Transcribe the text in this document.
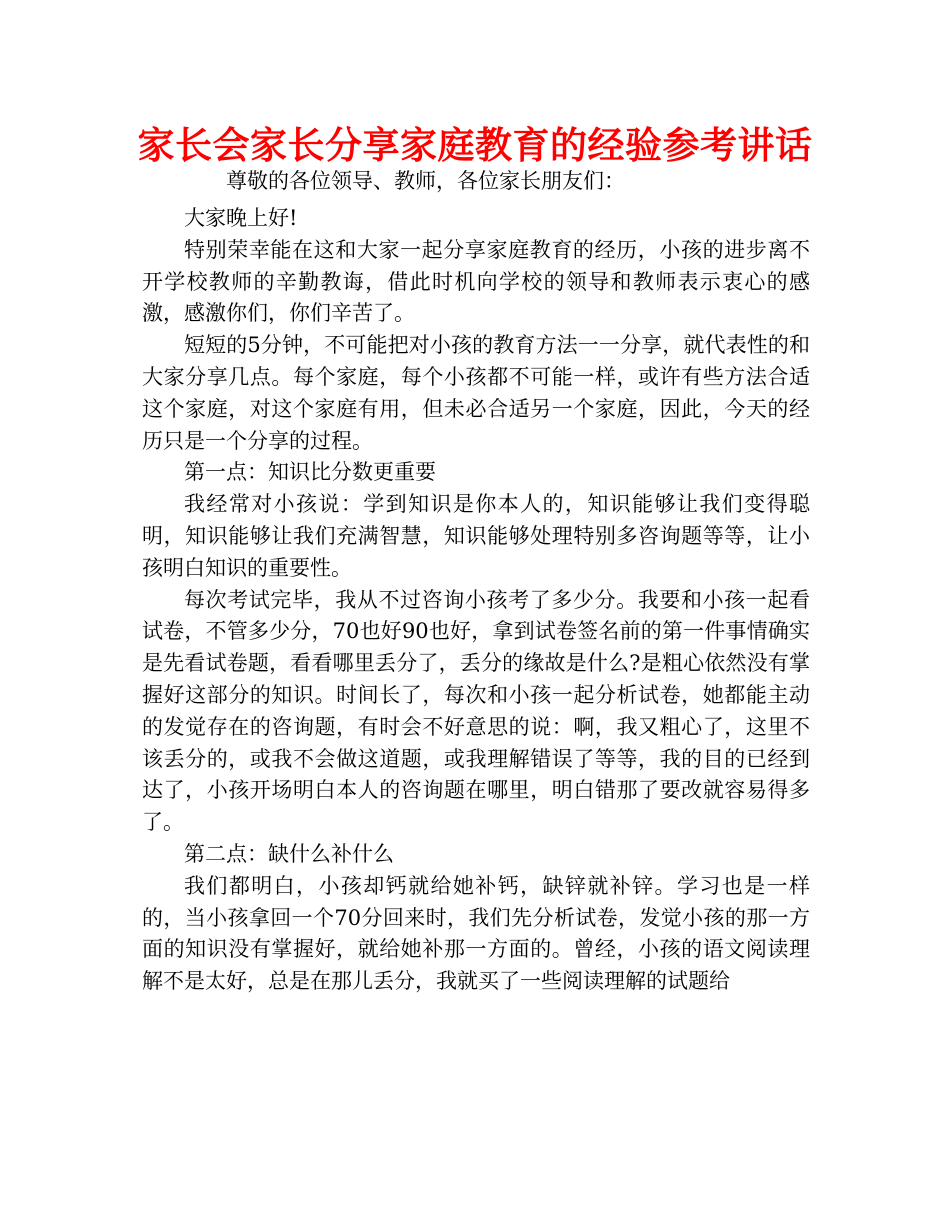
家长会家长分享家庭教育的经验参考讲话
尊敬的各位领导、教师，各位家长朋友们：

大家晚上好!

特别荣幸能在这和大家一起分享家庭教育的经历，小孩的进步离不开学校教师的辛勤教诲，借此时机向学校的领导和教师表示衷心的感激，感激你们，你们辛苦了。

短短的5分钟，不可能把对小孩的教育方法一一分享，就代表性的和大家分享几点。每个家庭，每个小孩都不可能一样，或许有些方法合适这个家庭，对这个家庭有用，但未必合适另一个家庭，因此，今天的经历只是一个分享的过程。

第一点：知识比分数更重要

我经常对小孩说：学到知识是你本人的，知识能够让我们变得聪明，知识能够让我们充满智慧，知识能够处理特别多咨询题等等，让小孩明白知识的重要性。

每次考试完毕，我从不过咨询小孩考了多少分。我要和小孩一起看试卷，不管多少分，70也好90也好，拿到试卷签名前的第一件事情确实是先看试卷题，看看哪里丢分了，丢分的缘故是什么?是粗心依然没有掌握好这部分的知识。时间长了，每次和小孩一起分析试卷，她都能主动的发觉存在的咨询题，有时会不好意思的说：啊，我又粗心了，这里不该丢分的，或我不会做这道题，或我理解错误了等等，我的目的已经到达了，小孩开场明白本人的咨询题在哪里，明白错那了要改就容易得多了。

第二点：缺什么补什么

我们都明白，小孩却钙就给她补钙，缺锌就补锌。学习也是一样的，当小孩拿回一个70分回来时，我们先分析试卷，发觉小孩的那一方面的知识没有掌握好，就给她补那一方面的。曾经，小孩的语文阅读理解不是太好，总是在那儿丢分，我就买了一些阅读理解的试题给
